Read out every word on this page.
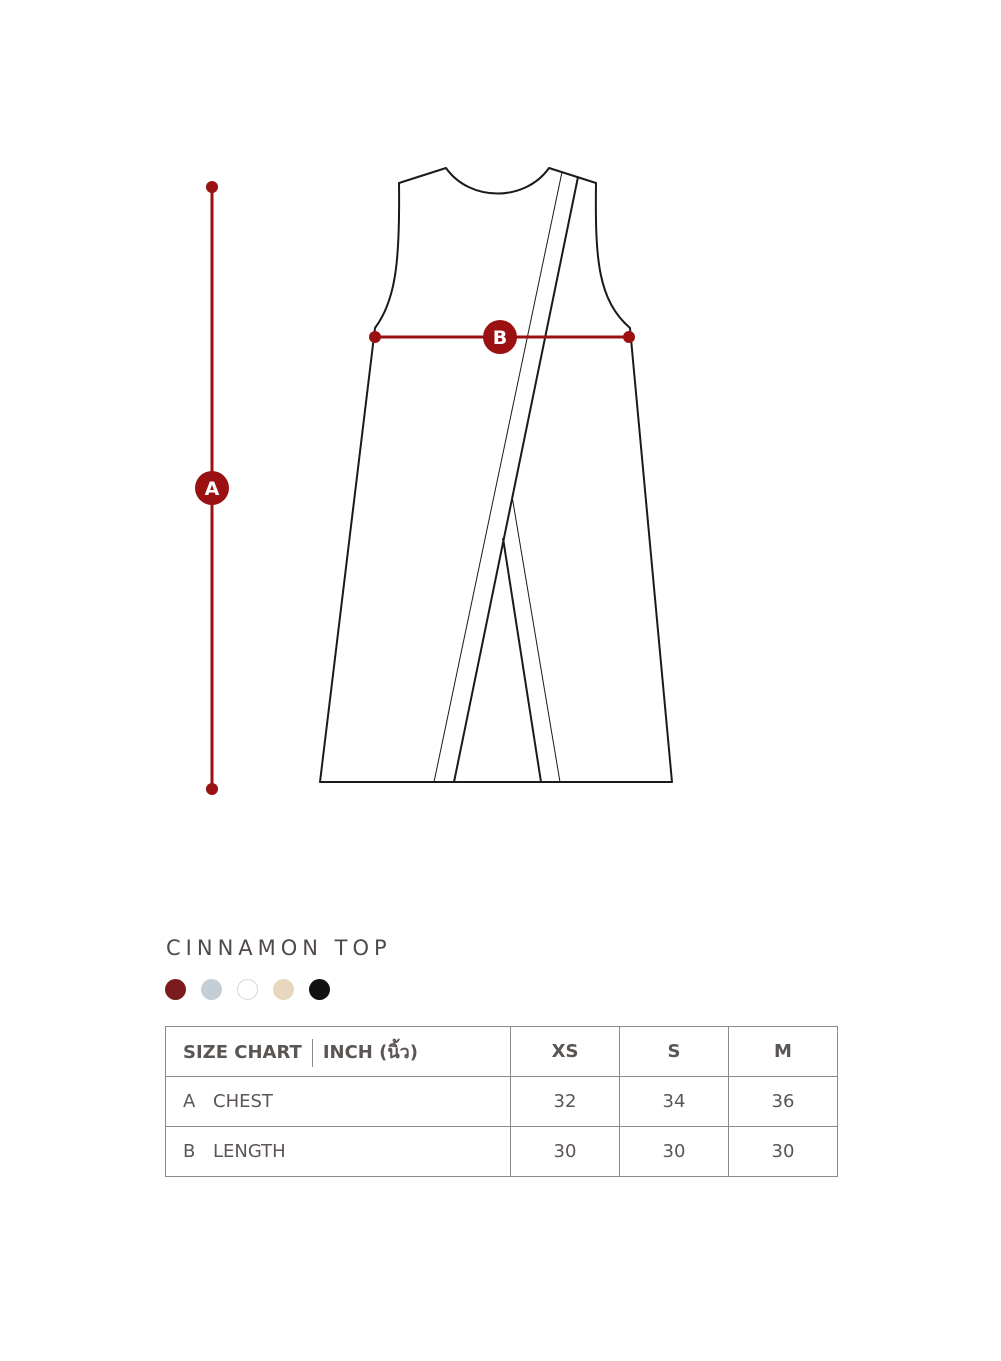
A
B
CINNAMON TOP
SIZE CHART INCH (นิ้ว)	XS	S	M
A CHEST	32	34	36
B LENGTH	30	30	30
